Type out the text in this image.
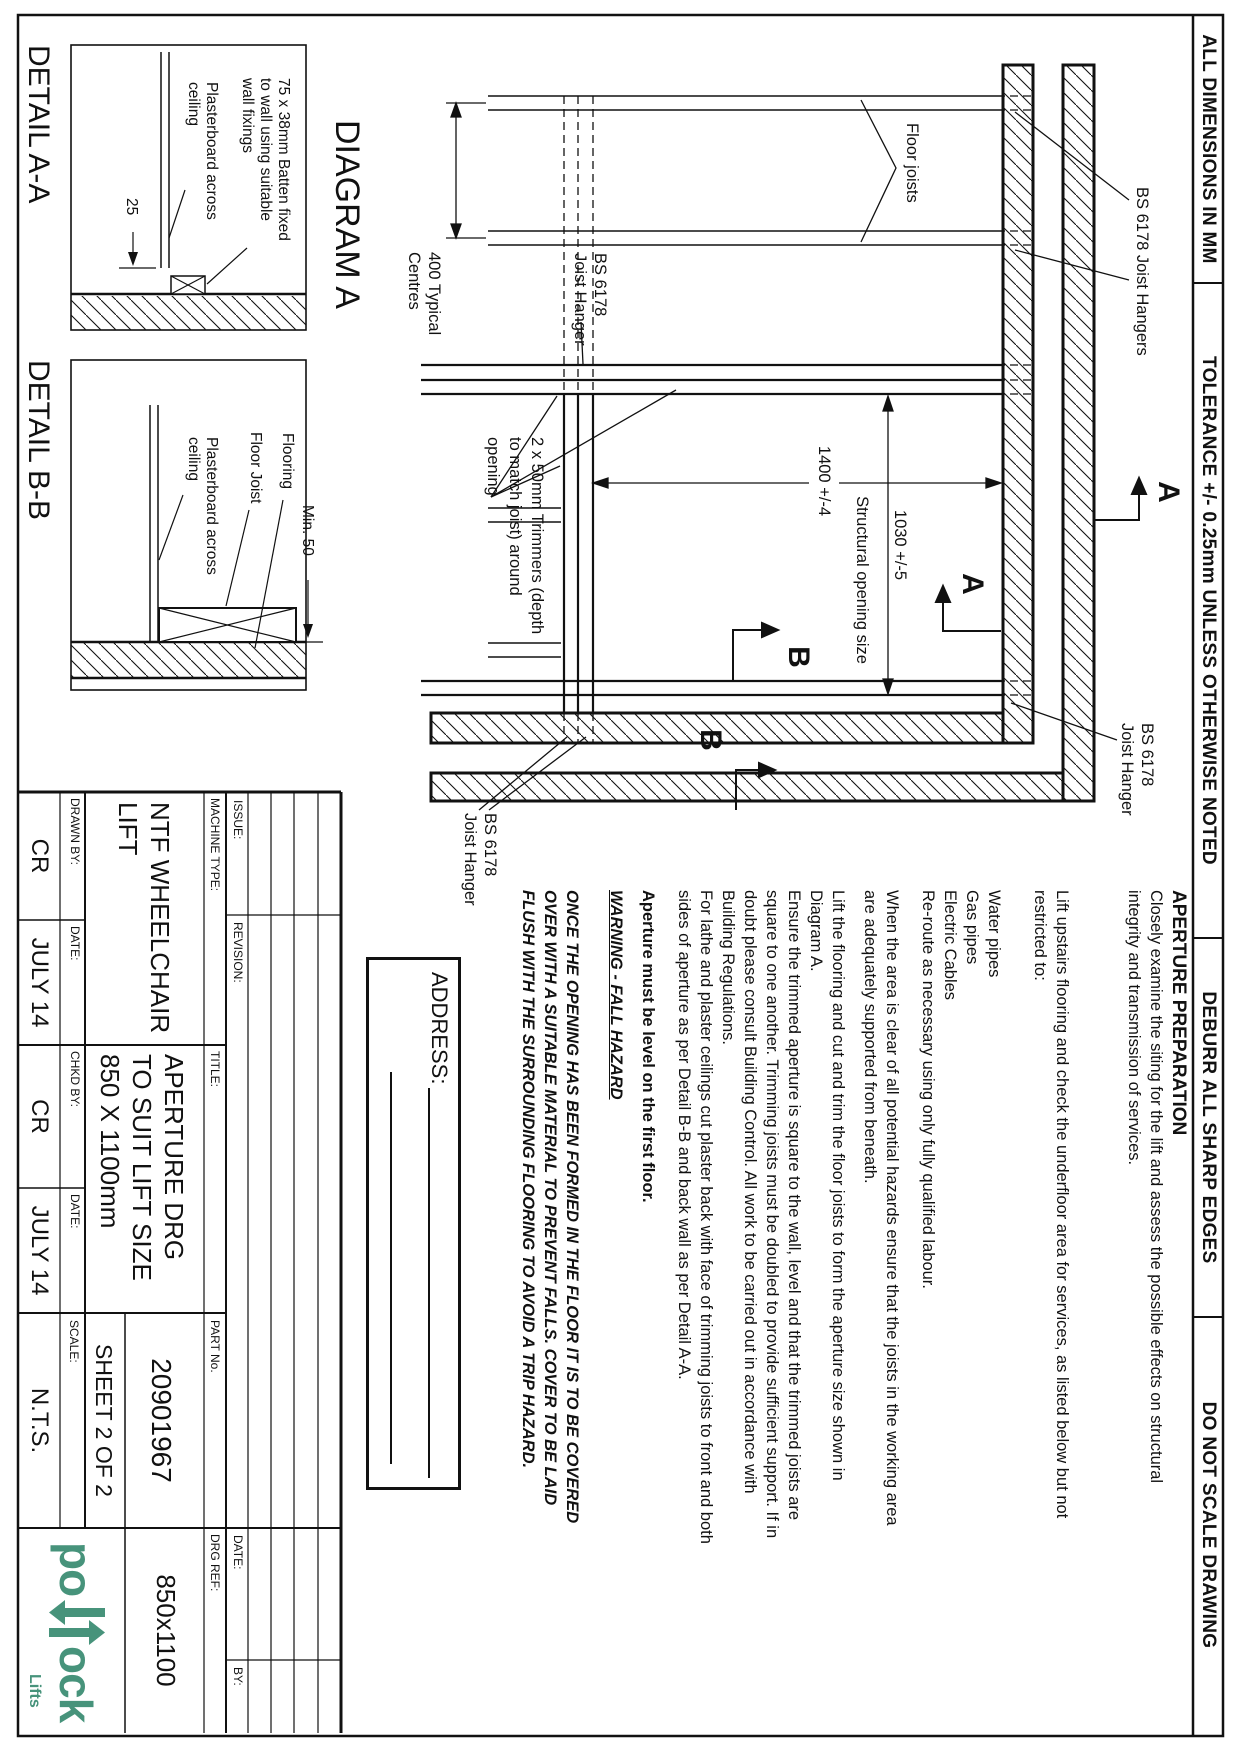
Floor joists
BS 6178 Joist Hangers
BS 6178
Joist Hanger
BS 6178
Joist Hanger
BS 6178
Joist Hanger
400 Typical
Centres
2 x 50mm Trimmers (depth
to match joist) around
opening
1030 +/-5
Structural opening size
1400 +/-4
A
A
B
B
DIAGRAM A
75 x 38mm Batten fixed
to wall using suitable
wall fixings
Plasterboard across
ceiling
25
DETAIL A-A
Flooring
Floor Joist
Plasterboard across
ceiling
Min. 50
DETAIL B-B
ALL DIMENSIONS IN MM
TOLERANCE +/- 0.25mm UNLESS OTHERWISE NOTED
DEBURR ALL SHARP EDGES
DO NOT SCALE DRAWING
APERTURE PREPARATION
Closely examine the siting for the lift and assess the possible effects on structural
integrity and transmission of services.
Lift upstairs flooring and check the underfloor area for services, as listed below but not
restricted to:
Water pipes
Gas pipes
Electric Cables
Re-route as necessary using only fully qualified labour.
When the area is clear of all potential hazards ensure that the joists in the working area
are adequately supported from beneath.
Lift the flooring and cut and trim the floor joists to form the aperture size shown in
Diagram A.
Ensure the trimmed aperture is square to the wall, level and that the trimmed joists are
square to one another. Trimming joists must be doubled to provide sufficient support. If in
doubt please consult Building Control. All work to be carried out in accordance with
Building Regulations.
For lathe and plaster ceilings cut plaster back with face of trimming joists to front and both
sides of aperture as per Detail B-B and back wall as per Detail A-A.
Aperture must be level on the first floor.
WARNING - FALL HAZARD
ONCE THE OPENING HAS BEEN FORMED IN THE FLOOR IT IS TO BE COVERED
OVER WITH A SUITABLE MATERIAL TO PREVENT FALLS. COVER TO BE LAID
FLUSH WITH THE SURROUNDING FLOORING TO AVOID A TRIP HAZARD.
ADDRESS:
ISSUE:
REVISION:
DATE:
BY:
MACHINE TYPE:
TITLE:
PART No.
DRG REF:
NTF WHEELCHAIR
LIFT
APERTURE DRG
TO SUIT LIFT SIZE
850 X 1100mm
20901967
SHEET 2 OF 2
SCALE:
N.T.S.
850x1100
DRAWN BY:
DATE:
CHKD BY:
DATE:
CR
JULY 14
CR
JULY 14
po
ock
Lifts
